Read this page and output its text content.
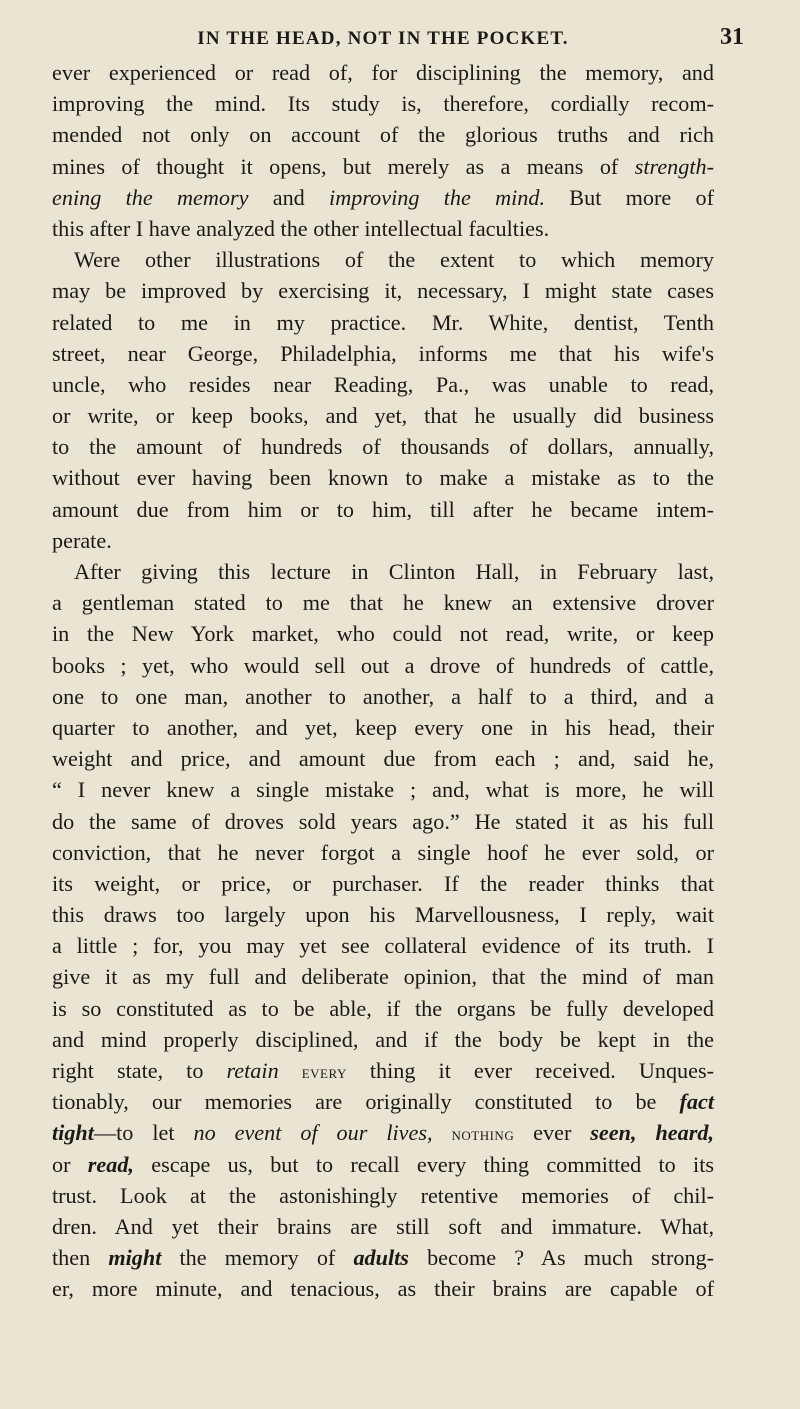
IN THE HEAD, NOT IN THE POCKET.	31
ever experienced or read of, for disciplining the memory, and
improving the mind. Its study is, therefore, cordially recom-
mended not only on account of the glorious truths and rich
mines of thought it opens, but merely as a means of strength-
ening the memory and improving the mind. But more of
this after I have analyzed the other intellectual faculties.
Were other illustrations of the extent to which memory
may be improved by exercising it, necessary, I might state cases
related to me in my practice. Mr. White, dentist, Tenth
street, near George, Philadelphia, informs me that his wife's
uncle, who resides near Reading, Pa., was unable to read,
or write, or keep books, and yet, that he usually did business
to the amount of hundreds of thousands of dollars, annually,
without ever having been known to make a mistake as to the
amount due from him or to him, till after he became intem-
perate.
After giving this lecture in Clinton Hall, in February last,
a gentleman stated to me that he knew an extensive drover
in the New York market, who could not read, write, or keep
books ; yet, who would sell out a drove of hundreds of cattle,
one to one man, another to another, a half to a third, and a
quarter to another, and yet, keep every one in his head, their
weight and price, and amount due from each ; and, said he,
“ I never knew a single mistake ; and, what is more, he will
do the same of droves sold years ago.” He stated it as his full
conviction, that he never forgot a single hoof he ever sold, or
its weight, or price, or purchaser. If the reader thinks that
this draws too largely upon his Marvellousness, I reply, wait
a little ; for, you may yet see collateral evidence of its truth. I
give it as my full and deliberate opinion, that the mind of man
is so constituted as to be able, if the organs be fully developed
and mind properly disciplined, and if the body be kept in the
right state, to retain every thing it ever received. Unques-
tionably, our memories are originally constituted to be fact
tight—to let no event of our lives, nothing ever seen, heard,
or read, escape us, but to recall every thing committed to its
trust. Look at the astonishingly retentive memories of chil-
dren. And yet their brains are still soft and immature. What,
then might the memory of adults become ? As much strong-
er, more minute, and tenacious, as their brains are capable of
